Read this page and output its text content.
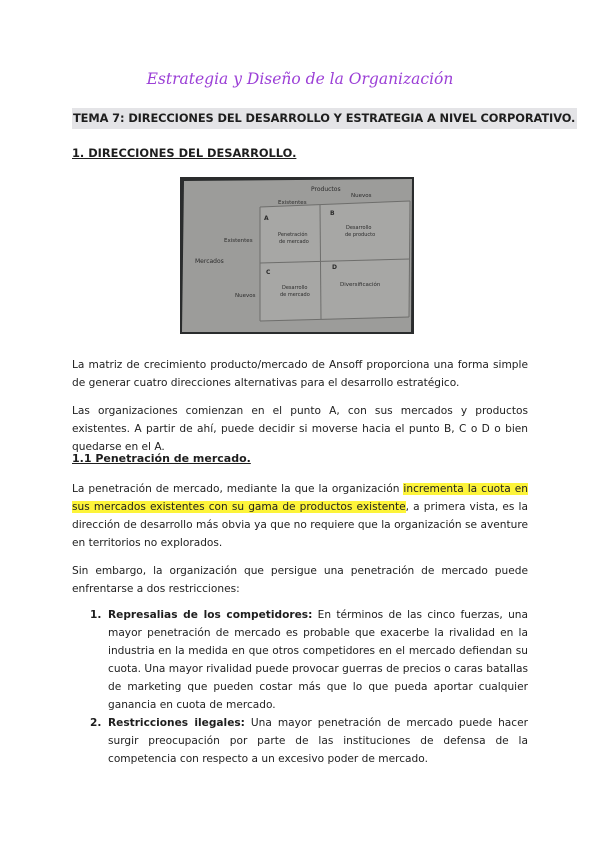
Estrategia y Diseño de la Organización
TEMA 7: DIRECCIONES DEL DESARROLLO Y ESTRATEGIA A NIVEL CORPORATIVO.
1. DIRECCIONES DEL DESARROLLO.
Productos
Existentes
Nuevos
Mercados
Existentes
Nuevos
A
Penetración
de mercado
B
Desarrollo
de producto
C
Desarrollo
de mercado
D
Diversificación
La matriz de crecimiento producto/mercado de Ansoff proporciona una forma simple de generar cuatro direcciones alternativas para el desarrollo estratégico.
Las organizaciones comienzan en el punto A, con sus mercados y productos existentes. A partir de ahí, puede decidir si moverse hacia el punto B, C o D o bien quedarse en el A.
1.1 Penetración de mercado.
La penetración de mercado, mediante la que la organización incrementa la cuota en sus mercados existentes con su gama de productos existente, a primera vista, es la dirección de desarrollo más obvia ya que no requiere que la organización se aventure en territorios no explorados.
Sin embargo, la organización que persigue una penetración de mercado puede enfrentarse a dos restricciones:
1. Represalias de los competidores: En términos de las cinco fuerzas, una mayor penetración de mercado es probable que exacerbe la rivalidad en la industria en la medida en que otros competidores en el mercado defiendan su cuota. Una mayor rivalidad puede provocar guerras de precios o caras batallas de marketing que pueden costar más que lo que pueda aportar cualquier ganancia en cuota de mercado.
2. Restricciones ilegales: Una mayor penetración de mercado puede hacer surgir preocupación por parte de las instituciones de defensa de la competencia con respecto a un excesivo poder de mercado.
